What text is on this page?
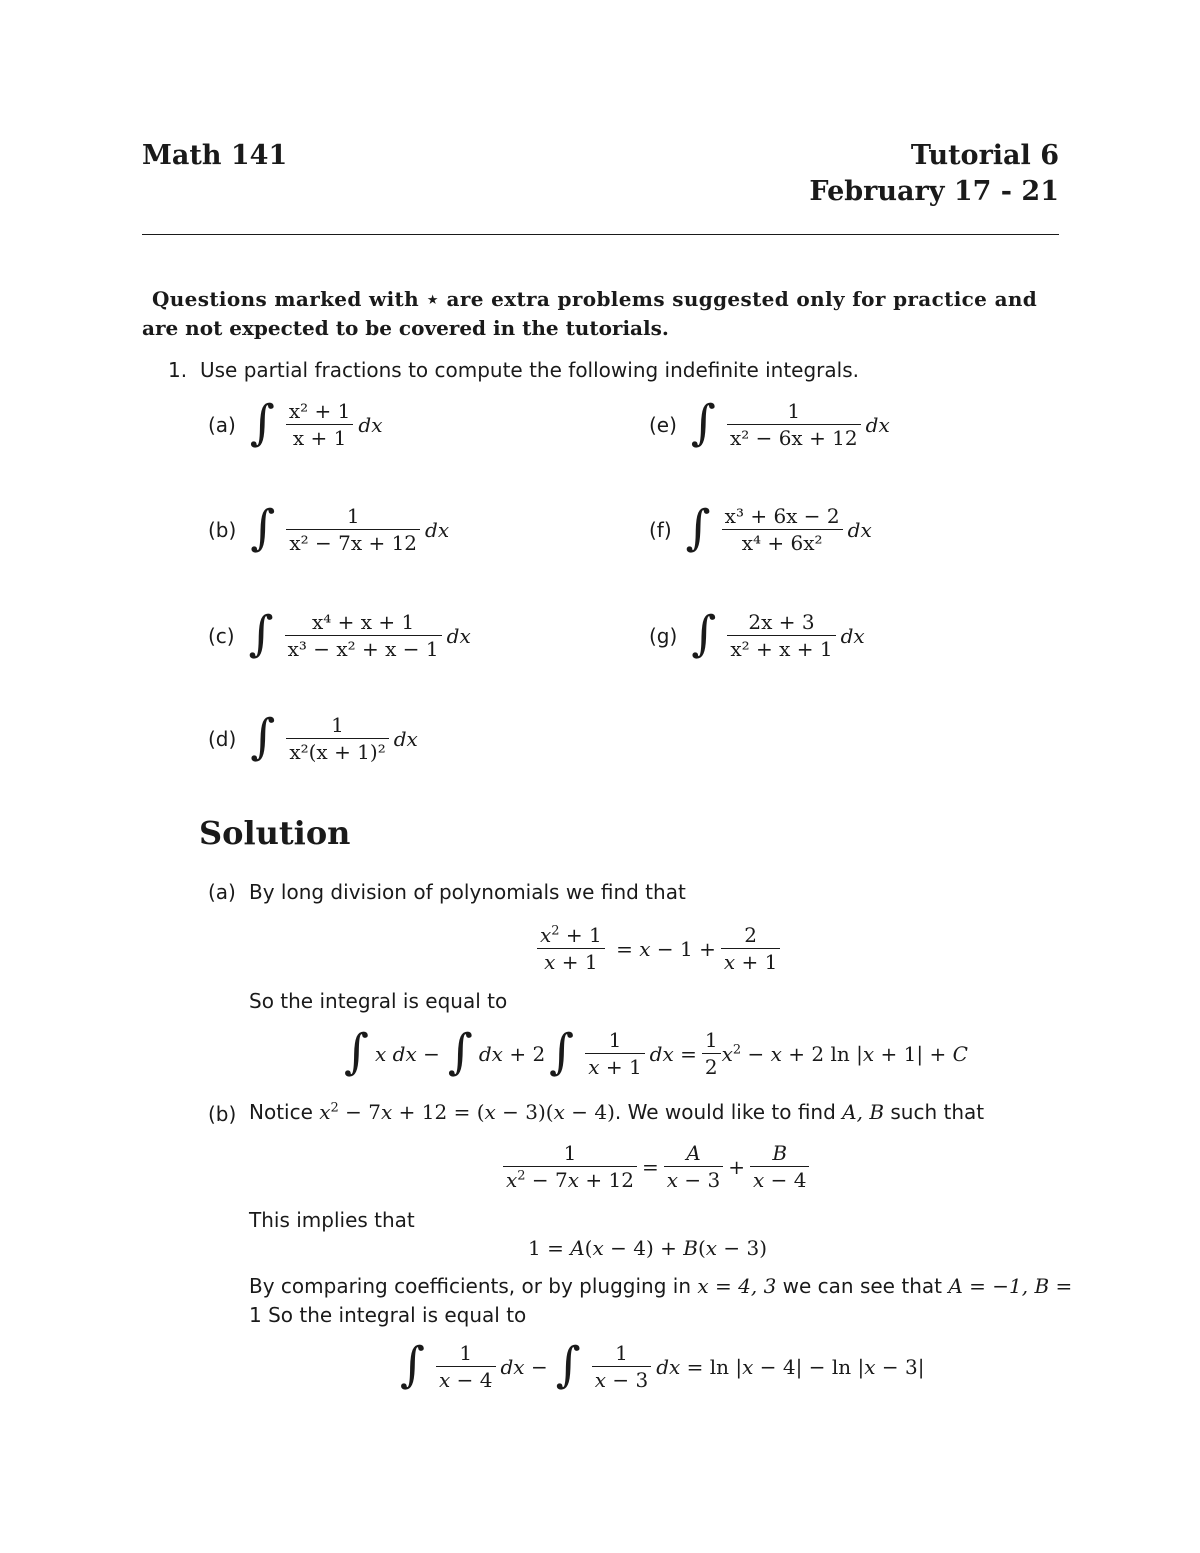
Math 141	Tutorial 6
February 17 - 21
Questions marked with ⋆ are extra problems suggested only for practice and
are not expected to be covered in the tutorials.
1. Use partial fractions to compute the following indefinite integrals.
(a) ∫ $\frac{\text{x² + 1}}{x + 1}$ dx
(b) ∫ $\frac{1}{\text{x² − 7x + 12}}$ dx
(c) ∫ $\frac{\text{x⁴ + x + 1}}{\text{x³ − x² + x − 1}}$ dx
(d) ∫ $\frac{1}{\text{x²(x + 1)²}}$ dx
(e) ∫ $\frac{1}{\text{x² − 6x + 12}}$ dx
(f) ∫ $\frac{\text{x³ + 6x − 2}}{\text{x⁴ + 6x²}}$ dx
(g) ∫ $\frac{2x + 3}{\text{x² + x + 1}}$ dx
Solution
(a) By long division of polynomials we find that
$\frac{x^2 + 1}{x + 1} = x - 1 + \frac{2}{x + 1}$
So the integral is equal to
∫ x dx − ∫ dx + 2 ∫ $\frac{1}{x + 1}$ dx = $\frac{1}{2} x^2 - x + 2$ ln |x + 1| + C
(b) Notice $x^2 - 7x + 12 = (x - 3)(x - 4)$ . We would like to find
A, B
such that
$\frac{1}{x^2 - 7x + 12} = \frac{A}{x - 3} + \frac{B}{x - 4}$
This implies that
1 = A(x − 4) + B(x − 3)
By comparing coefficients, or by plugging in
x = 4, 3
we can see that
A = −1, B =
1 So the integral is equal to
∫ $\frac{1}{x - 4}$ dx − ∫ $\frac{1}{x - 3}$ dx = ln |x − 4| − ln |x − 3|
